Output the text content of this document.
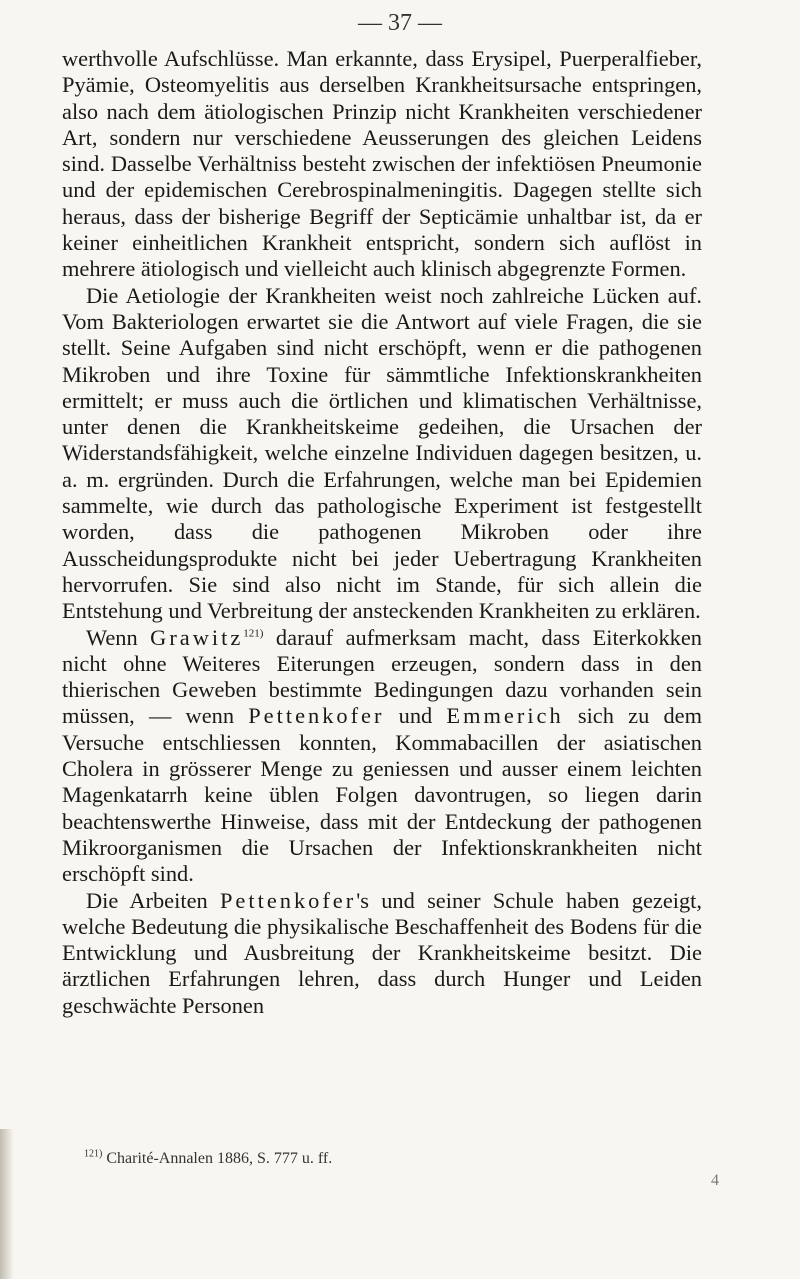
— 37 —

werthvolle Aufschlüsse. Man erkannte, dass Erysipel, Puerperalfieber, Pyämie, Osteomyelitis aus derselben Krankheitsursache entspringen, also nach dem ätiologischen Prinzip nicht Krankheiten verschiedener Art, sondern nur verschiedene Aeusserungen des gleichen Leidens sind. Dasselbe Verhältniss besteht zwischen der infektiösen Pneumonie und der epidemischen Cerebrospinalmeningitis. Dagegen stellte sich heraus, dass der bisherige Begriff der Septicämie unhaltbar ist, da er keiner einheitlichen Krankheit entspricht, sondern sich auflöst in mehrere ätiologisch und vielleicht auch klinisch abgegrenzte Formen.

Die Aetiologie der Krankheiten weist noch zahlreiche Lücken auf. Vom Bakteriologen erwartet sie die Antwort auf viele Fragen, die sie stellt. Seine Aufgaben sind nicht erschöpft, wenn er die pathogenen Mikroben und ihre Toxine für sämmtliche Infektionskrankheiten ermittelt; er muss auch die örtlichen und klimatischen Verhältnisse, unter denen die Krankheitskeime gedeihen, die Ursachen der Widerstandsfähigkeit, welche einzelne Individuen dagegen besitzen, u. a. m. ergründen. Durch die Erfahrungen, welche man bei Epidemien sammelte, wie durch das pathologische Experiment ist festgestellt worden, dass die pathogenen Mikroben oder ihre Ausscheidungsprodukte nicht bei jeder Uebertragung Krankheiten hervorrufen. Sie sind also nicht im Stande, für sich allein die Entstehung und Verbreitung der ansteckenden Krankheiten zu erklären.

Wenn Grawitz$^{121)}$ darauf aufmerksam macht, dass Eiterkokken nicht ohne Weiteres Eiterungen erzeugen, sondern dass in den thierischen Geweben bestimmte Bedingungen dazu vorhanden sein müssen, — wenn Pettenkofer und Emmerich sich zu dem Versuche entschliessen konnten, Kommabacillen der asiatischen Cholera in grösserer Menge zu geniessen und ausser einem leichten Magenkatarrh keine üblen Folgen davontrugen, so liegen darin beachtenswerthe Hinweise, dass mit der Entdeckung der pathogenen Mikroorganismen die Ursachen der Infektionskrankheiten nicht erschöpft sind.

Die Arbeiten Pettenkofer's und seiner Schule haben gezeigt, welche Bedeutung die physikalische Beschaffenheit des Bodens für die Entwicklung und Ausbreitung der Krankheitskeime besitzt. Die ärztlichen Erfahrungen lehren, dass durch Hunger und Leiden geschwächte Personen

$^{121)}$ Charité-Annalen 1886, S. 777 u. ff.
4
